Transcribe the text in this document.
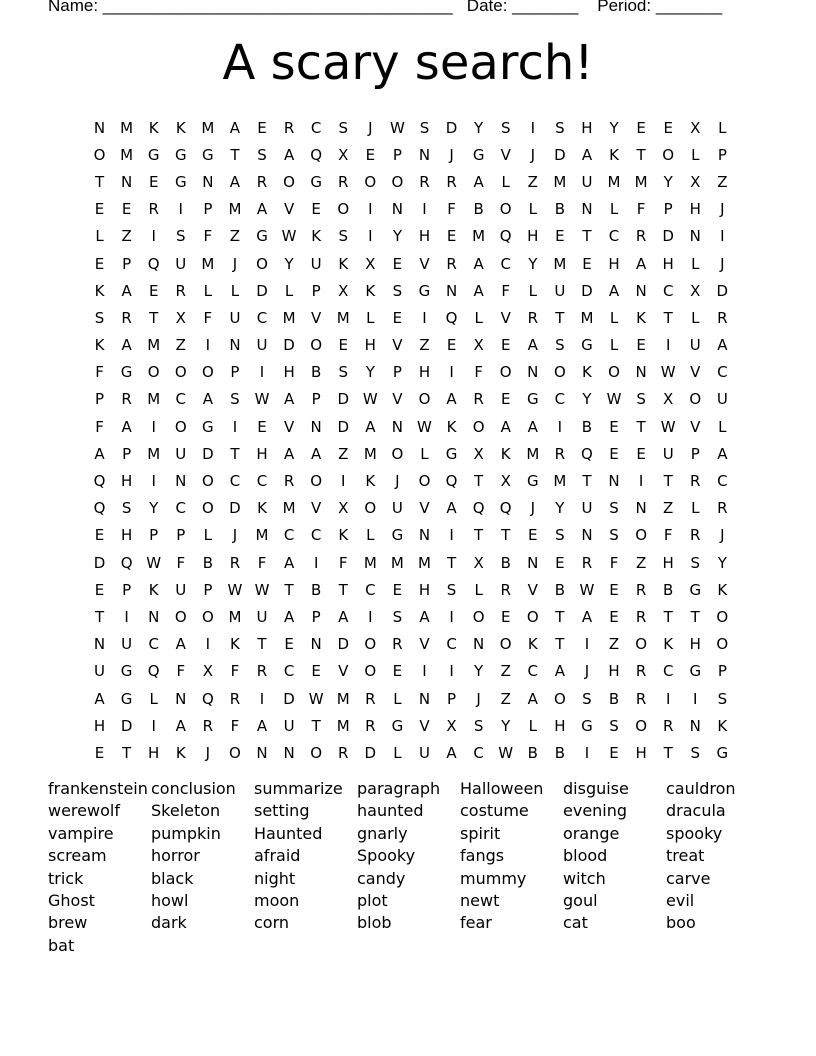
Name: _____________________________________ Date: _______ Period: _______
A scary search!
N M	K	K	M	A	E	R	C	S	J	W S	D	Y	S	I	S	H	Y	E	E	X	L
O M G	G	G	T	S	A	Q	X	E	P	N	J	G	V	J	D	A	K	T	O	L	P
T	N	E	G	N	A	R	O	G	R	O	O	R	R	A	L	Z	M	U	M M	Y	X	Z
E	E	R	I	P	M	A	V	E	O	I	N	I	F	B	O	L	B	N	L	F	P	H	J
L	Z	I	S	F	Z	G W K	S	I	Y	H	E	M Q	H	E	T	C	R	D	N	I
E	P	Q	U	M	J	O	Y	U	K	X	E	V	R	A	C	Y	M	E	H	A	H	L	J
K	A	E	R	L	L	D	L	P	X	K	S	G	N	A	F	L	U	D	A	N	C	X	D
S	R	T	X	F	U	C	M	V	M	L	E	I	Q	L	V	R	T	M	L	K	T	L	R
K	A	M	Z	I	N	U	D	O	E	H	V	Z	E	X	E	A	S	G	L	E	I	U	A
F	G	O	O	O	P	I	H	B	S	Y	P	H	I	F	O	N	O	K	O	N W V	C
P	R	M	C	A	S W A	P	D W V	O	A	R	E	G	C	Y	W S	X	O	U
F	A	I	O	G	I	E	V	N	D	A	N W K	O	A	A	I	B	E	T	W V	L
A	P	M	U	D	T	H	A	A	Z	M O	L	G	X	K	M	R	Q	E	E	U	P	A
Q	H	I	N	O	C	C	R	O	I	K	J	O	Q	T	X	G M	T	N	I	T	R	C
Q	S	Y	C	O	D	K	M	V	X	O	U	V	A	Q	Q	J	Y	U	S	N	Z	L	R
E	H	P	P	L	J	M	C	C	K	L	G	N	I	T	T	E	S	N	S	O	F	R	J
D	Q W	F	B	R	F	A	I	F	M M M	T	X	B	N	E	R	F	Z	H	S	Y
E	P	K	U	P	W W	T	B	T	C	E	H	S	L	R	V	B W E	R	B	G	K
T	I	N	O	O M	U	A	P	A	I	S	A	I	O	E	O	T	A	E	R	T	T	O
N	U	C	A	I	K	T	E	N	D	O	R	V	C	N	O	K	T	I	Z	O	K	H	O
U	G	Q	F	X	F	R	C	E	V	O	E	I	I	Y	Z	C	A	J	H	R	C	G	P
A	G	L	N	Q	R	I	D W M	R	L	N	P	J	Z	A	O	S	B	R	I	I	S
H	D	I	A	R	F	A	U	T	M	R	G	V	X	S	Y	L	H	G	S	O	R	N	K
E	T	H	K	J	O	N	N	O	R	D	L	U	A	C W B	B	I	E	H	T	S	G
frankenstein conclusion	summarize paragraph	Halloween	disguise	cauldron
werewolf	Skeleton	setting	haunted	costume	evening	dracula
vampire	pumpkin	Haunted	gnarly	spirit	orange	spooky
scream	horror	afraid	Spooky	fangs	blood	treat
trick	black	night	candy	mummy	witch	carve
Ghost	howl	moon	plot	newt	goul	evil
brew	dark	corn	blob	fear	cat	boo
bat
